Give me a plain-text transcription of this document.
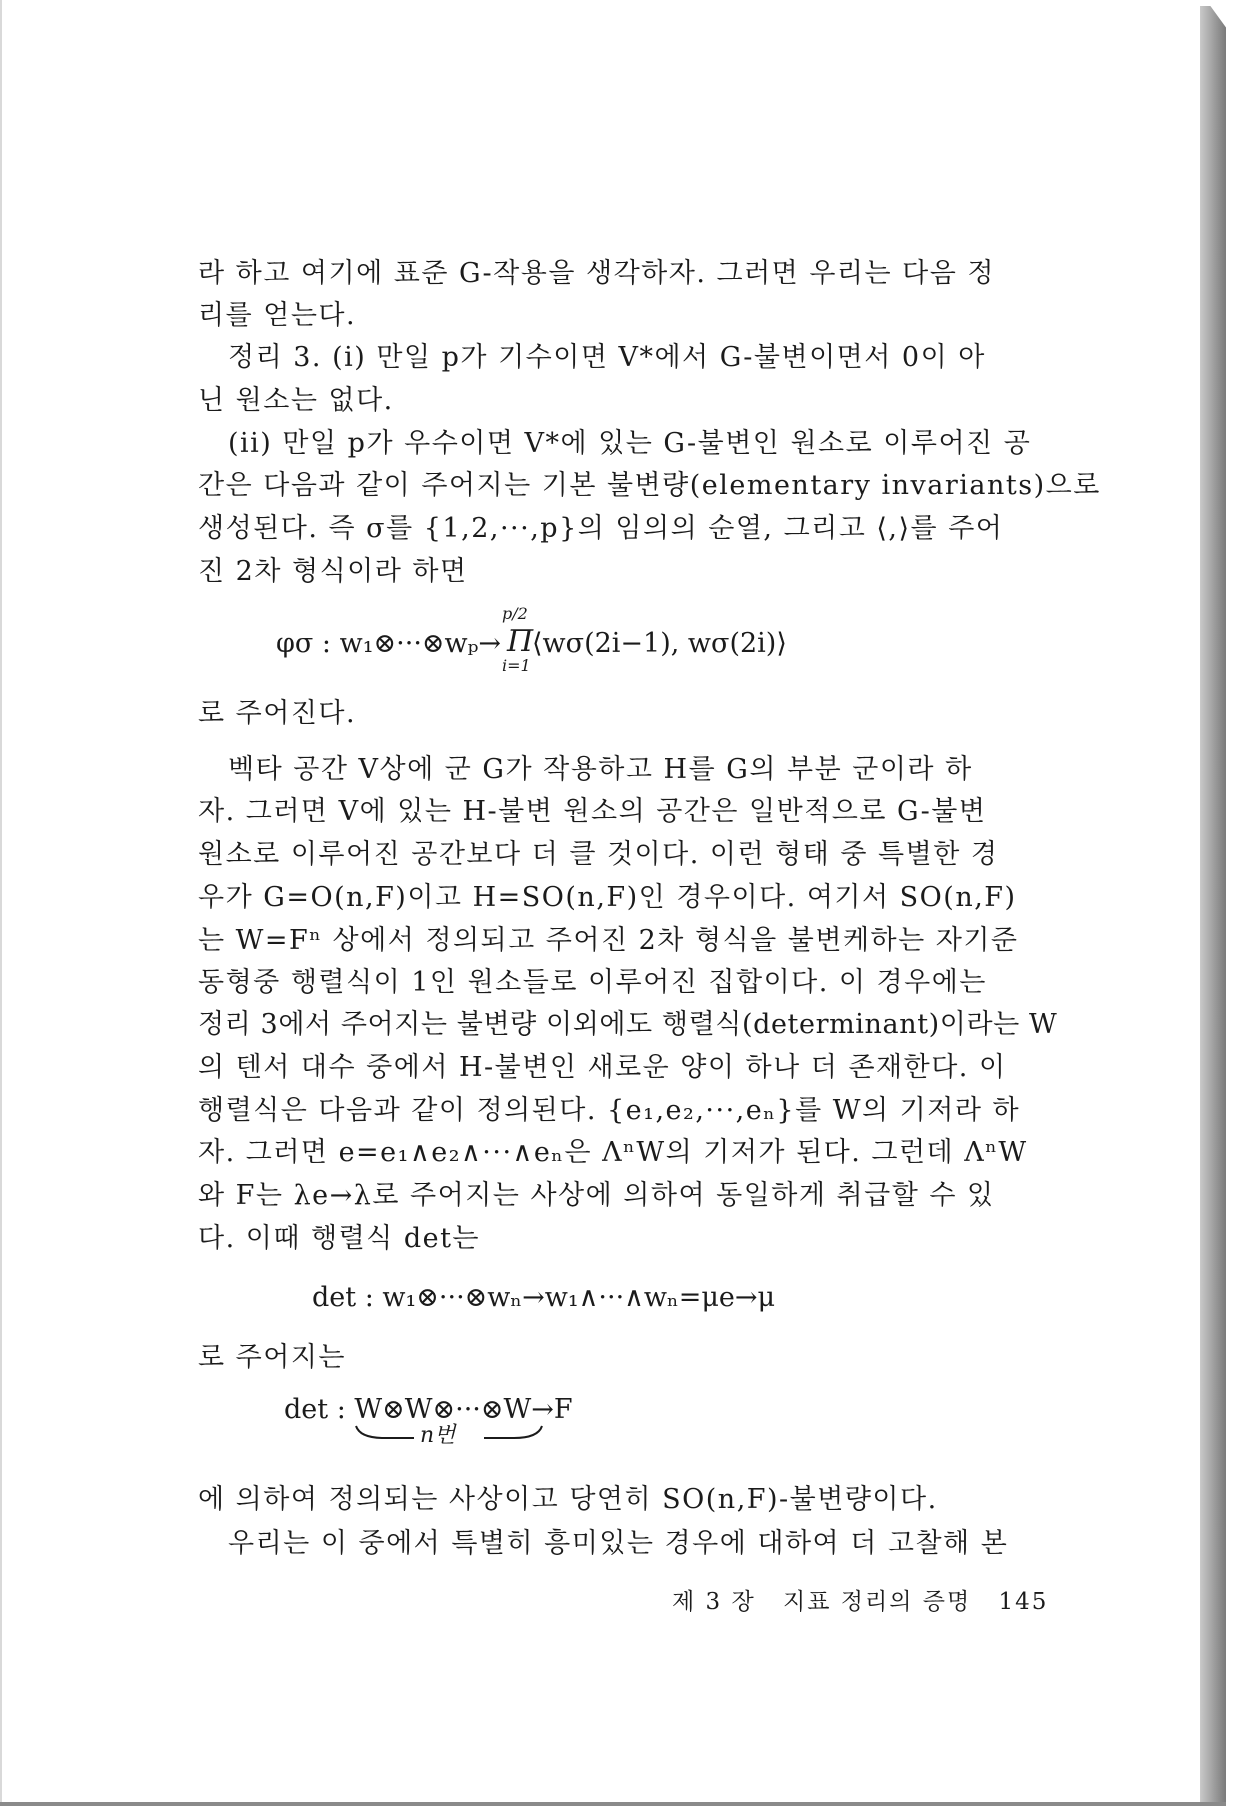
라 하고 여기에 표준 G-작용을 생각하자. 그러면 우리는 다음 정
리를 얻는다.
정리 3. (i) 만일 p가 기수이면 V*에서 G-불변이면서 0이 아
닌 원소는 없다.
(ii) 만일 p가 우수이면 V*에 있는 G-불변인 원소로 이루어진 공
간은 다음과 같이 주어지는 기본 불변량(elementary invariants)으로
생성된다. 즉 σ를 {1,2,···,p}의 임의의 순열, 그리고 ⟨,⟩를 주어
진 2차 형식이라 하면
φσ : w₁⊗···⊗wₚ→ Π
p/2
i=1
⟨wσ(2i−1), wσ(2i)⟩
로 주어진다.
벡타 공간 V상에 군 G가 작용하고 H를 G의 부분 군이라 하
자. 그러면 V에 있는 H-불변 원소의 공간은 일반적으로 G-불변
원소로 이루어진 공간보다 더 클 것이다. 이런 형태 중 특별한 경
우가 G=O(n,F)이고 H=SO(n,F)인 경우이다. 여기서 SO(n,F)
는 W=Fⁿ 상에서 정의되고 주어진 2차 형식을 불변케하는 자기준
동형중 행렬식이 1인 원소들로 이루어진 집합이다. 이 경우에는
정리 3에서 주어지는 불변량 이외에도 행렬식(determinant)이라는 W
의 텐서 대수 중에서 H-불변인 새로운 양이 하나 더 존재한다. 이
행렬식은 다음과 같이 정의된다. {e₁,e₂,···,eₙ}를 W의 기저라 하
자. 그러면 e=e₁∧e₂∧···∧eₙ은 ΛⁿW의 기저가 된다. 그런데 ΛⁿW
와 F는 λe→λ로 주어지는 사상에 의하여 동일하게 취급할 수 있
다. 이때 행렬식 det는
det : w₁⊗···⊗wₙ→w₁∧···∧wₙ=μe→μ
로 주어지는
det : W⊗W⊗···⊗W→F
n번
에 의하여 정의되는 사상이고 당연히 SO(n,F)-불변량이다.
우리는 이 중에서 특별히 흥미있는 경우에 대하여 더 고찰해 본
제 3 장 지표 정리의 증명 145
